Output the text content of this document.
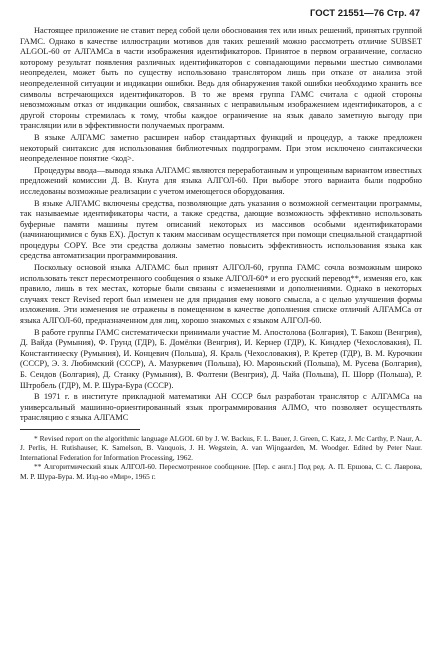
ГОСТ 21551—76 Стр. 47

Настоящее приложение не ставит перед собой цели обоснования тех или иных решений, принятых группой ГАМС. Однако в качестве иллюстрации мотивов для таких решений можно рассмотреть отличие SUBSET ALGOL-60 от АЛГАМСа в части изображения идентификаторов. Принятое в первом ограничение, согласно которому результат появления различных идентификаторов с совпадающими первыми шестью символами неопределен, может быть по существу использовано транслятором лишь при отказе от анализа этой неопределенной ситуации и индикации ошибки. Ведь для обнаружения такой ошибки необходимо хранить все символы встречающихся идентификаторов. В то же время группа ГАМС считала с одной стороны невозможным отказ от индикации ошибок, связанных с неправильным изображением идентификаторов, а с другой стороны стремилась к тому, чтобы каждое ограничение на язык давало заметную выгоду при трансляции или в эффективности получаемых программ.

В языке АЛГАМС заметно расширен набор стандартных функций и процедур, а также предложен некоторый синтаксис для использования библиотечных подпрограмм. При этом исключено синтаксически неопределенное понятие <код>.

Процедуры ввода—вывода языка АЛГАМС являются переработанным и упрощенным вариантом известных предложений комиссии Д. В. Кнута для языка АЛГОЛ-60. При выборе этого варианта были подробно исследованы возможные реализации с учетом имеющегося оборудования.

В языке АЛГАМС включены средства, позволяющие дать указания о возможной сегментации программы, так называемые идентификаторы части, а также средства, дающие возможность эффективно использовать буферные памяти машины путем описаний некоторых из массивов особыми идентификаторами (начинающимися с букв EX). Доступ к таким массивам осуществляется при помощи специальной стандартной процедуры COPY. Все эти средства должны заметно повысить эффективность использования языка как средства автоматизации программирования.

Поскольку основой языка АЛГАМС был принят АЛГОЛ-60, группа ГАМС сочла возможным широко использовать текст пересмотренного сообщения о языке АЛГОЛ-60* и его русский перевод**, изменяя его, как правило, лишь в тех местах, которые были связаны с изменениями и дополнениями. Однако в некоторых случаях текст Revised report был изменен не для придания ему нового смысла, а с целью улучшения формы изложения. Эти изменения не отражены в помещенном в качестве дополнения списке отличий АЛГАМСа от языка АЛГОЛ-60, предназначенном для лиц, хорошо знакомых с языком АЛГОЛ-60.

В работе группы ГАМС систематически принимали участие М. Апостолова (Болгария), Т. Бакош (Венгрия), Д. Вайда (Румыния), Ф. Грунд (ГДР), Б. Домёлки (Венгрия), И. Кернер (ГДР), К. Киндлер (Чехословакия), П. Константинеску (Румыния), И. Концевич (Польша), Я. Краль (Чехословакия), Р. Кретер (ГДР), В. М. Курочкин (СССР), Э. З. Любимский (СССР), А. Мазуркевич (Польша), Ю. Мароньский (Польша), М. Русева (Болгария), Б. Сендов (Болгария), Д. Станку (Румыния), В. Фолтени (Венгрия), Д. Чайа (Польша), П. Шорр (Польша), Р. Штробель (ГДР), М. Р. Шура-Бура (СССР).

В 1971 г. в институте прикладной математики АН СССР был разработан транслятор с АЛГАМСа на универсальный машинно-ориентированный язык программирования АЛМО, что позволяет осуществлять трансляцию с языка АЛГАМС

* Revised report on the algorithmic language ALGOL 60 by J. W. Backus, F. L. Bauer, J. Green, C. Katz, J. Mc Carthy, P. Naur, A. J. Perlis, H. Rutishauser, K. Samelson, B. Vauquois, J. H. Wegstein, A. van Wijngaarden, M. Woodger. Edited by Peter Naur. International Federation for Information Processing, 1962.

** Алгоритмический язык АЛГОЛ-60. Пересмотренное сообщение. [Пер. с англ.] Под ред. А. П. Ершова, С. С. Лаврова, М. Р. Шура-Бура. М. Изд-во «Мир», 1965 г.
